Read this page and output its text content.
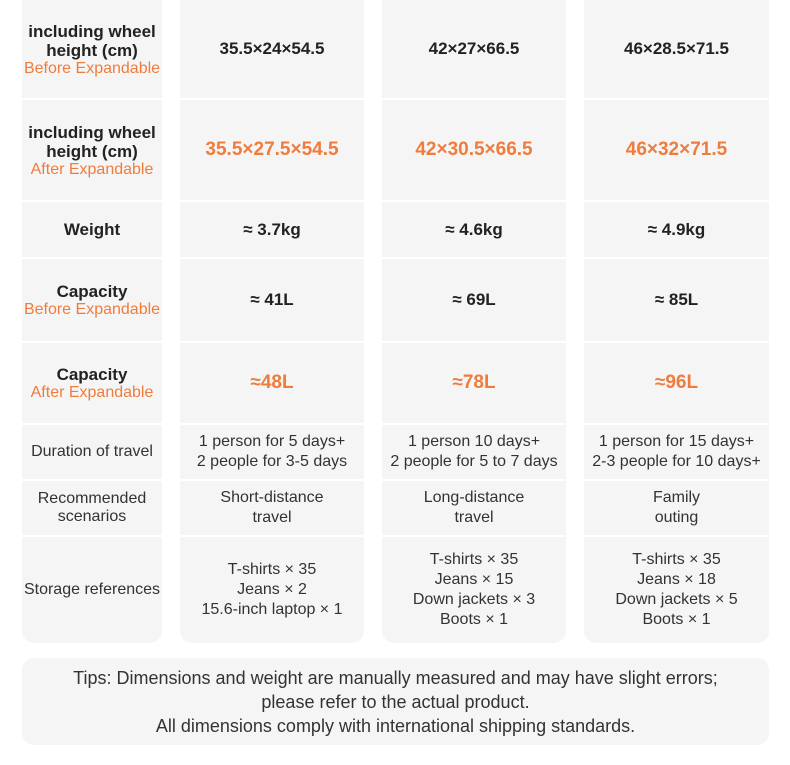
including wheel height (cm)
Before Expandable
including wheel height (cm)
After Expandable
Weight
Capacity
Before Expandable
Capacity
After Expandable
Duration of travel
Recommended scenarios
Storage references
35.5×24×54.5
35.5×27.5×54.5
≈ 3.7kg
≈ 41L
≈48L
1 person for 5 days+
2 people for 3-5 days
Short-distance
travel
T-shirts × 35
Jeans × 2
15.6-inch laptop × 1
42×27×66.5
42×30.5×66.5
≈ 4.6kg
≈ 69L
≈78L
1 person 10 days+
2 people for 5 to 7 days
Long-distance
travel
T-shirts × 35
Jeans × 15
Down jackets × 3
Boots × 1
46×28.5×71.5
46×32×71.5
≈ 4.9kg
≈ 85L
≈96L
1 person for 15 days+
2-3 people for 10 days+
Family
outing
T-shirts × 35
Jeans × 18
Down jackets × 5
Boots × 1
Tips: Dimensions and weight are manually measured and may have slight errors;
please refer to the actual product.
All dimensions comply with international shipping standards.
